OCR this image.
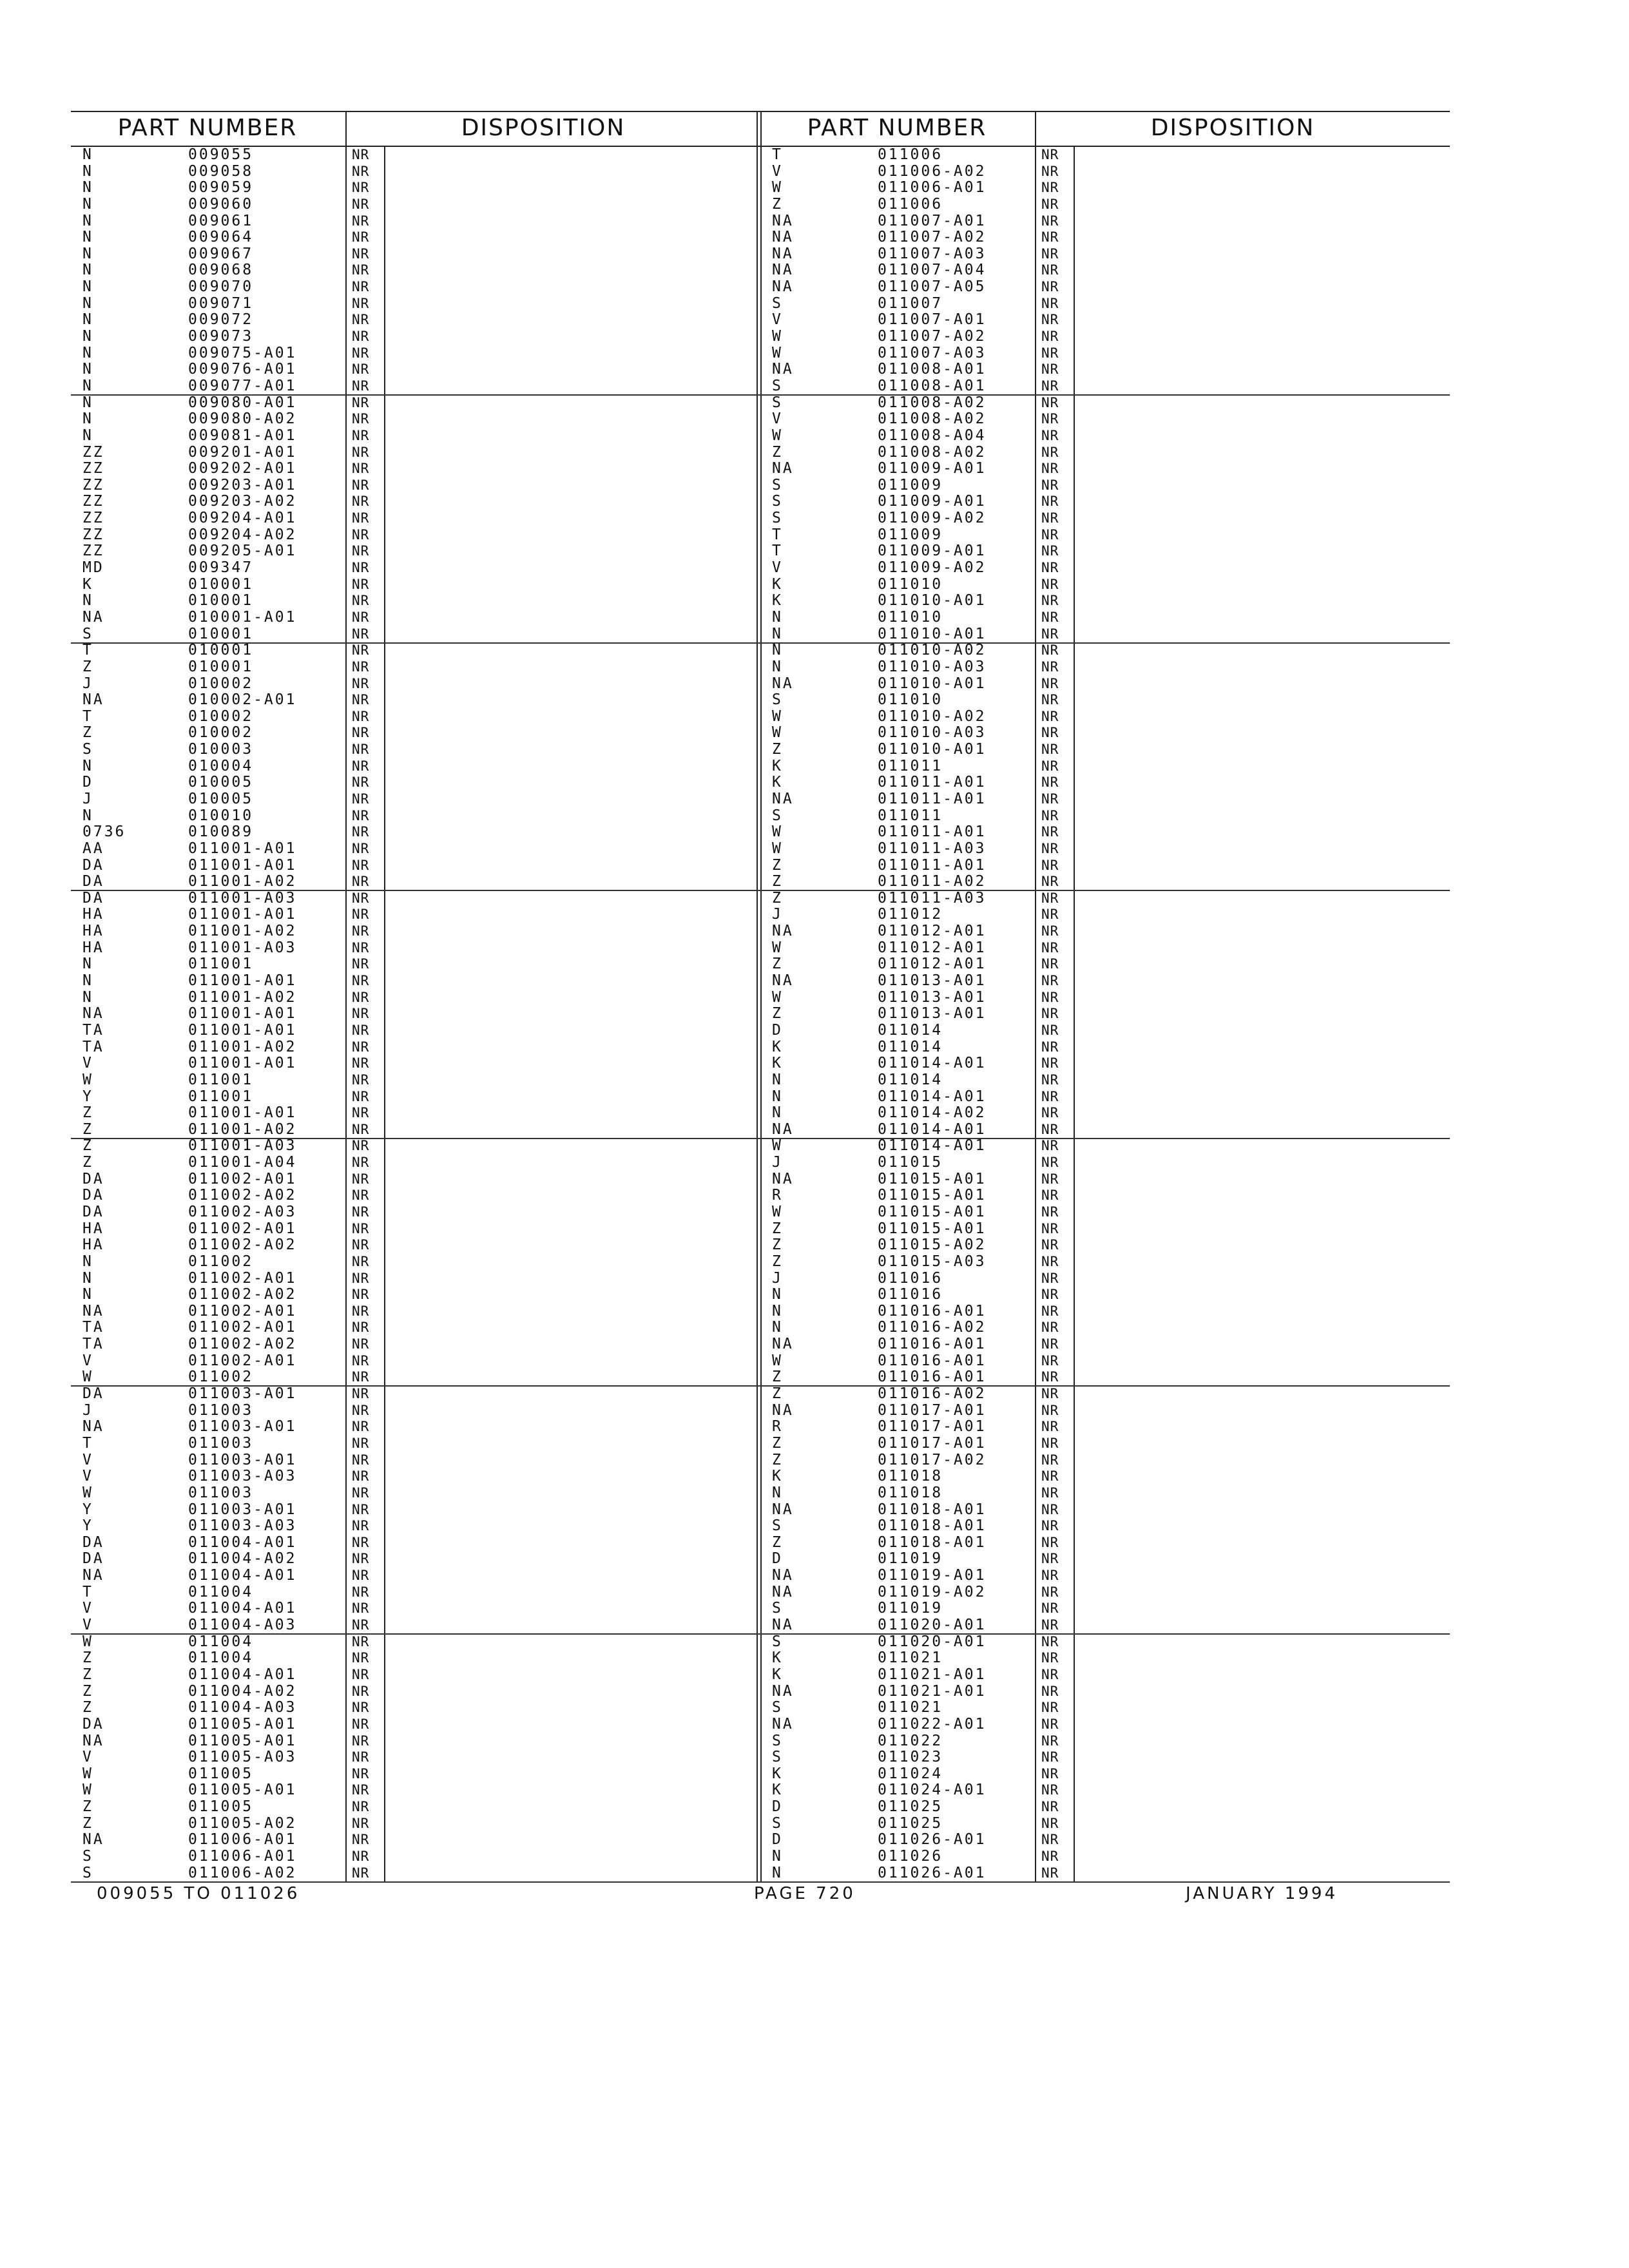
PART NUMBER	DISPOSITION
N	009055	NR
N	009058	NR
N	009059	NR
N	009060	NR
N	009061	NR
N	009064	NR
N	009067	NR
N	009068	NR
N	009070	NR
N	009071	NR
N	009072	NR
N	009073	NR
N	009075-A01	NR
N	009076-A01	NR
N	009077-A01	NR
N	009080-A01	NR
N	009080-A02	NR
N	009081-A01	NR
ZZ	009201-A01	NR
ZZ	009202-A01	NR
ZZ	009203-A01	NR
ZZ	009203-A02	NR
ZZ	009204-A01	NR
ZZ	009204-A02	NR
ZZ	009205-A01	NR
MD	009347	NR
K	010001	NR
N	010001	NR
NA	010001-A01	NR
S	010001	NR
T	010001	NR
Z	010001	NR
J	010002	NR
NA	010002-A01	NR
T	010002	NR
Z	010002	NR
S	010003	NR
N	010004	NR
D	010005	NR
J	010005	NR
N	010010	NR
0736	010089	NR
AA	011001-A01	NR
DA	011001-A01	NR
DA	011001-A02	NR
DA	011001-A03	NR
HA	011001-A01	NR
HA	011001-A02	NR
HA	011001-A03	NR
N	011001	NR
N	011001-A01	NR
N	011001-A02	NR
NA	011001-A01	NR
TA	011001-A01	NR
TA	011001-A02	NR
V	011001-A01	NR
W	011001	NR
Y	011001	NR
Z	011001-A01	NR
Z	011001-A02	NR
Z	011001-A03	NR
Z	011001-A04	NR
DA	011002-A01	NR
DA	011002-A02	NR
DA	011002-A03	NR
HA	011002-A01	NR
HA	011002-A02	NR
N	011002	NR
N	011002-A01	NR
N	011002-A02	NR
NA	011002-A01	NR
TA	011002-A01	NR
TA	011002-A02	NR
V	011002-A01	NR
W	011002	NR
DA	011003-A01	NR
J	011003	NR
NA	011003-A01	NR
T	011003	NR
V	011003-A01	NR
V	011003-A03	NR
W	011003	NR
Y	011003-A01	NR
Y	011003-A03	NR
DA	011004-A01	NR
DA	011004-A02	NR
NA	011004-A01	NR
T	011004	NR
V	011004-A01	NR
V	011004-A03	NR
W	011004	NR
Z	011004	NR
Z	011004-A01	NR
Z	011004-A02	NR
Z	011004-A03	NR
DA	011005-A01	NR
NA	011005-A01	NR
V	011005-A03	NR
W	011005	NR
W	011005-A01	NR
Z	011005	NR
Z	011005-A02	NR
NA	011006-A01	NR
S	011006-A01	NR
S	011006-A02	NR
PART NUMBER	DISPOSITION
T	011006	NR
V	011006-A02	NR
W	011006-A01	NR
Z	011006	NR
NA	011007-A01	NR
NA	011007-A02	NR
NA	011007-A03	NR
NA	011007-A04	NR
NA	011007-A05	NR
S	011007	NR
V	011007-A01	NR
W	011007-A02	NR
W	011007-A03	NR
NA	011008-A01	NR
S	011008-A01	NR
S	011008-A02	NR
V	011008-A02	NR
W	011008-A04	NR
Z	011008-A02	NR
NA	011009-A01	NR
S	011009	NR
S	011009-A01	NR
S	011009-A02	NR
T	011009	NR
T	011009-A01	NR
V	011009-A02	NR
K	011010	NR
K	011010-A01	NR
N	011010	NR
N	011010-A01	NR
N	011010-A02	NR
N	011010-A03	NR
NA	011010-A01	NR
S	011010	NR
W	011010-A02	NR
W	011010-A03	NR
Z	011010-A01	NR
K	011011	NR
K	011011-A01	NR
NA	011011-A01	NR
S	011011	NR
W	011011-A01	NR
W	011011-A03	NR
Z	011011-A01	NR
Z	011011-A02	NR
Z	011011-A03	NR
J	011012	NR
NA	011012-A01	NR
W	011012-A01	NR
Z	011012-A01	NR
NA	011013-A01	NR
W	011013-A01	NR
Z	011013-A01	NR
D	011014	NR
K	011014	NR
K	011014-A01	NR
N	011014	NR
N	011014-A01	NR
N	011014-A02	NR
NA	011014-A01	NR
W	011014-A01	NR
J	011015	NR
NA	011015-A01	NR
R	011015-A01	NR
W	011015-A01	NR
Z	011015-A01	NR
Z	011015-A02	NR
Z	011015-A03	NR
J	011016	NR
N	011016	NR
N	011016-A01	NR
N	011016-A02	NR
NA	011016-A01	NR
W	011016-A01	NR
Z	011016-A01	NR
Z	011016-A02	NR
NA	011017-A01	NR
R	011017-A01	NR
Z	011017-A01	NR
Z	011017-A02	NR
K	011018	NR
N	011018	NR
NA	011018-A01	NR
S	011018-A01	NR
Z	011018-A01	NR
D	011019	NR
NA	011019-A01	NR
NA	011019-A02	NR
S	011019	NR
NA	011020-A01	NR
S	011020-A01	NR
K	011021	NR
K	011021-A01	NR
NA	011021-A01	NR
S	011021	NR
NA	011022-A01	NR
S	011022	NR
S	011023	NR
K	011024	NR
K	011024-A01	NR
D	011025	NR
S	011025	NR
D	011026-A01	NR
N	011026	NR
N	011026-A01	NR
009055 TO 011026	PAGE 720	JANUARY 1994
